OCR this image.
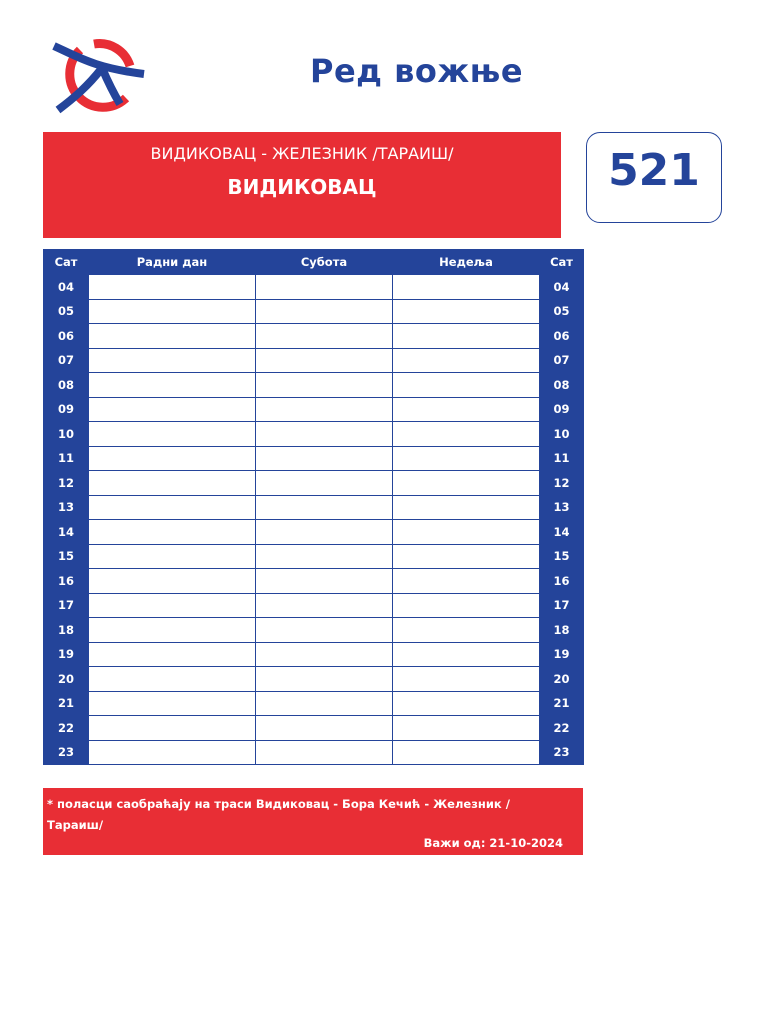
Ред вожње
ВИДИКОВАЦ - ЖЕЛЕЗНИК /ТАРАИШ/
ВИДИКОВАЦ	521
Сат	Радни дан	Субота	Недеља	Сат
04				04
05				05
06				06
07				07
08				08
09				09
10				10
11				11
12				12
13				13
14				14
15				15
16				16
17				17
18				18
19				19
20				20
21				21
22				22
23				23
* поласци саобраћају на траси Видиковац - Бора Кечић - Железник /Тараиш/
Важи од: 21-10-2024
